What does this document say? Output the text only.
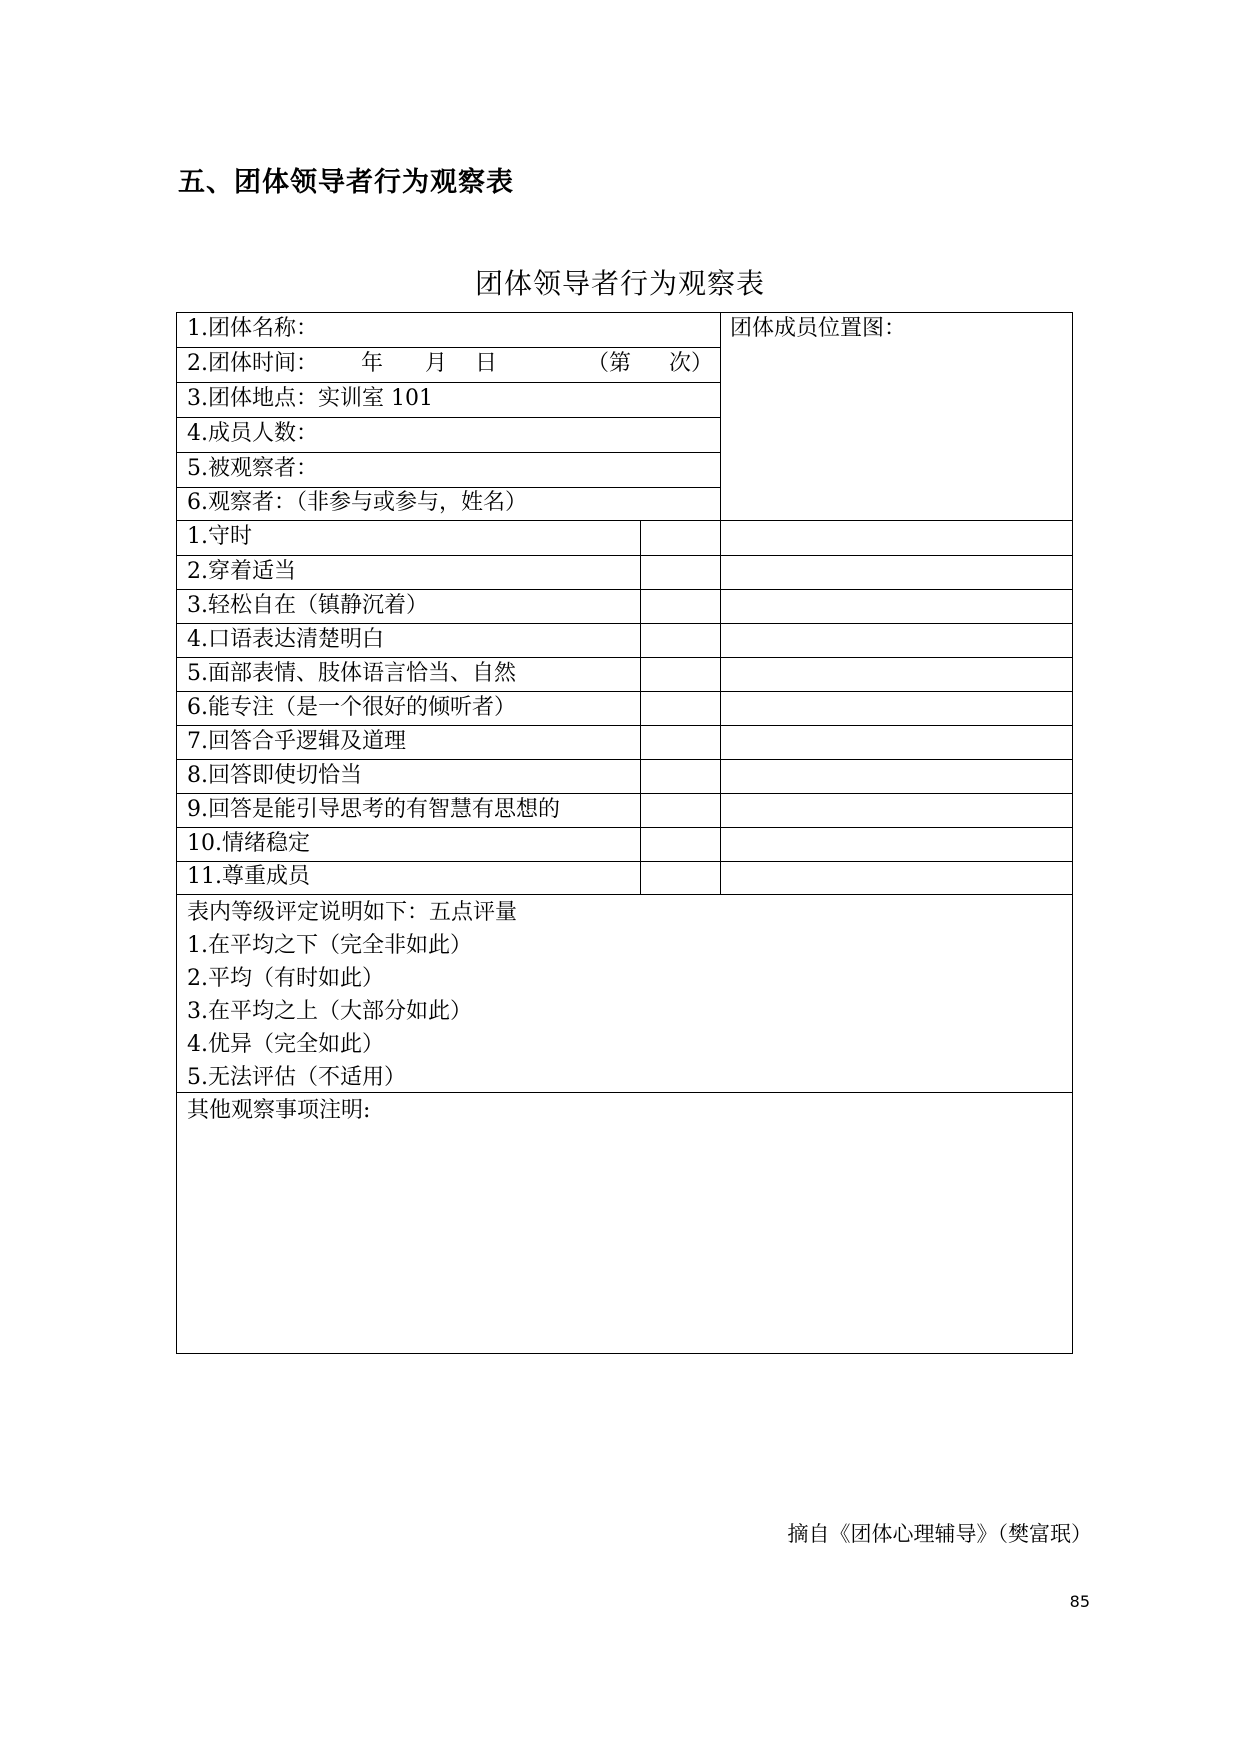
五、团体领导者行为观察表
团体领导者行为观察表
1.团体名称：
2.团体时间： 年 月 日	（第 次）
3.团体地点：实训室 101
4.成员人数：
5.被观察者：
6.观察者：（非参与或参与，姓名）
团体成员位置图：
1.守时
2.穿着适当
3.轻松自在（镇静沉着）
4.口语表达清楚明白
5.面部表情、肢体语言恰当、自然
6.能专注（是一个很好的倾听者）
7.回答合乎逻辑及道理
8.回答即使切恰当
9.回答是能引导思考的有智慧有思想的
10.情绪稳定
11.尊重成员
表内等级评定说明如下：五点评量
1.在平均之下（完全非如此）
2.平均（有时如此）
3.在平均之上（大部分如此）
4.优异（完全如此）
5.无法评估（不适用）
其他观察事项注明:
摘自《团体心理辅导》（樊富珉）
85
